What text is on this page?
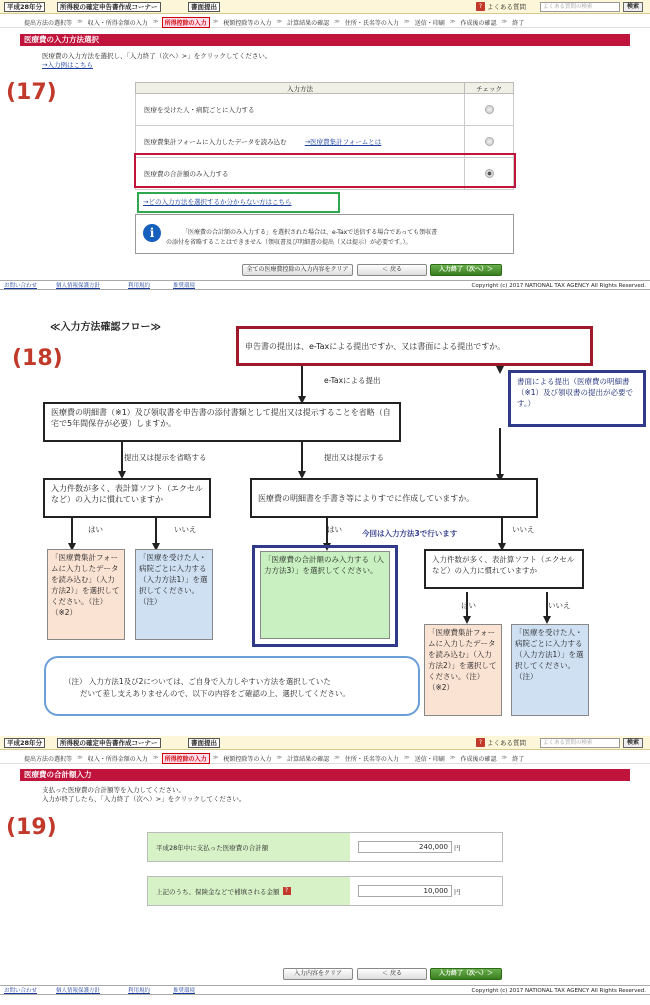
平成28年分	所得税の確定申告書作成コーナー	書面提出	? よくある質問	よくある質問の検索	検索
提出方法の選択等 ≫ 収入・所得金額の入力 ≫	所得控除の入力	≫ 税額控除等の入力 ≫ 計算結果の確認 ≫ 住所・氏名等の入力 ≫ 送信・印刷 ≫ 作成後の確認 ≫ 終了
医療費の入力方法選択
医療費の入力方法を選択し、「入力終了（次へ）>」をクリックしてください。
→入力例はこちら
(17)	入力方法	チェック
医療を受けた人・病院ごとに入力する	
医療費集計フォームに入力したデータを読み込む →医療費集計フォームとは	
医療費の合計額のみ入力する	
→どの入力方法を選択するか分からない方はこちら
i	「医療費の合計額のみ入力する」を選択された場合は、e-Taxで送信する場合であっても領収書
の添付を省略することはできません（領収書及び明細書の提出（又は提示）が必要です。）。
全ての医療費控除の入力内容をクリア	＜ 戻る	入力終了（次へ）＞
お問い合わせ	個人情報保護方針	利用規約	推奨環境	Copyright (c) 2017 NATIONAL TAX AGENCY All Rights Reserved.
≪入力方法確認フロー≫
(18)	申告書の提出は、e-Taxによる提出ですか、又は書面による提出ですか。
e-Taxによる提出	書面による提出（医療費の明細書（※1）及び領収書の提出が必要です。）
医療費の明細書（※1）及び領収書を申告書の添付書類として提出又は提示することを省略（自宅で5年間保存が必要）しますか。
提出又は提示を省略する	提出又は提示する
入力件数が多く、表計算ソフト（エクセルなど）の入力に慣れていますか	医療費の明細書を手書き等によりすでに作成していますか。
はい	いいえ	はい	いいえ
今回は入力方法3で行います
「医療費集計フォームに入力したデータを読み込む」（入力方法2）」を選択してください。（注）（※2）
「医療を受けた人・病院ごとに入力する（入力方法1）」を選択してください。（注）
「医療費の合計額のみ入力する（入力方法3）」を選択してください。
入力件数が多く、表計算ソフト（エクセルなど）の入力に慣れていますか
はい	いいえ
「医療費集計フォームに入力したデータを読み込む」（入力方法2）」を選択してください。（注）（※2）
「医療を受けた人・病院ごとに入力する（入力方法1）」を選択してください。（注）
（注） 入力方法1及び2については、ご自身で入力しやすい方法を選択していた
だいて差し支えありませんので、以下の内容をご確認の上、選択してください。
平成28年分	所得税の確定申告書作成コーナー	書面提出	? よくある質問	よくある質問の検索	検索
提出方法の選択等 ≫ 収入・所得金額の入力 ≫	所得控除の入力	≫ 税額控除等の入力 ≫ 計算結果の確認 ≫ 住所・氏名等の入力 ≫ 送信・印刷 ≫ 作成後の確認 ≫ 終了
医療費の合計額入力
支払った医療費の合計額等を入力してください。
入力が終了したら、「入力終了（次へ）>」をクリックしてください。
(19)
平成28年中に支払った医療費の合計額	240,000 円
上記のうち、保険金などで補填される金額 ?	10,000 円
入力内容をクリア	＜ 戻る	入力終了（次へ）＞
お問い合わせ	個人情報保護方針	利用規約	推奨環境	Copyright (c) 2017 NATIONAL TAX AGENCY All Rights Reserved.
